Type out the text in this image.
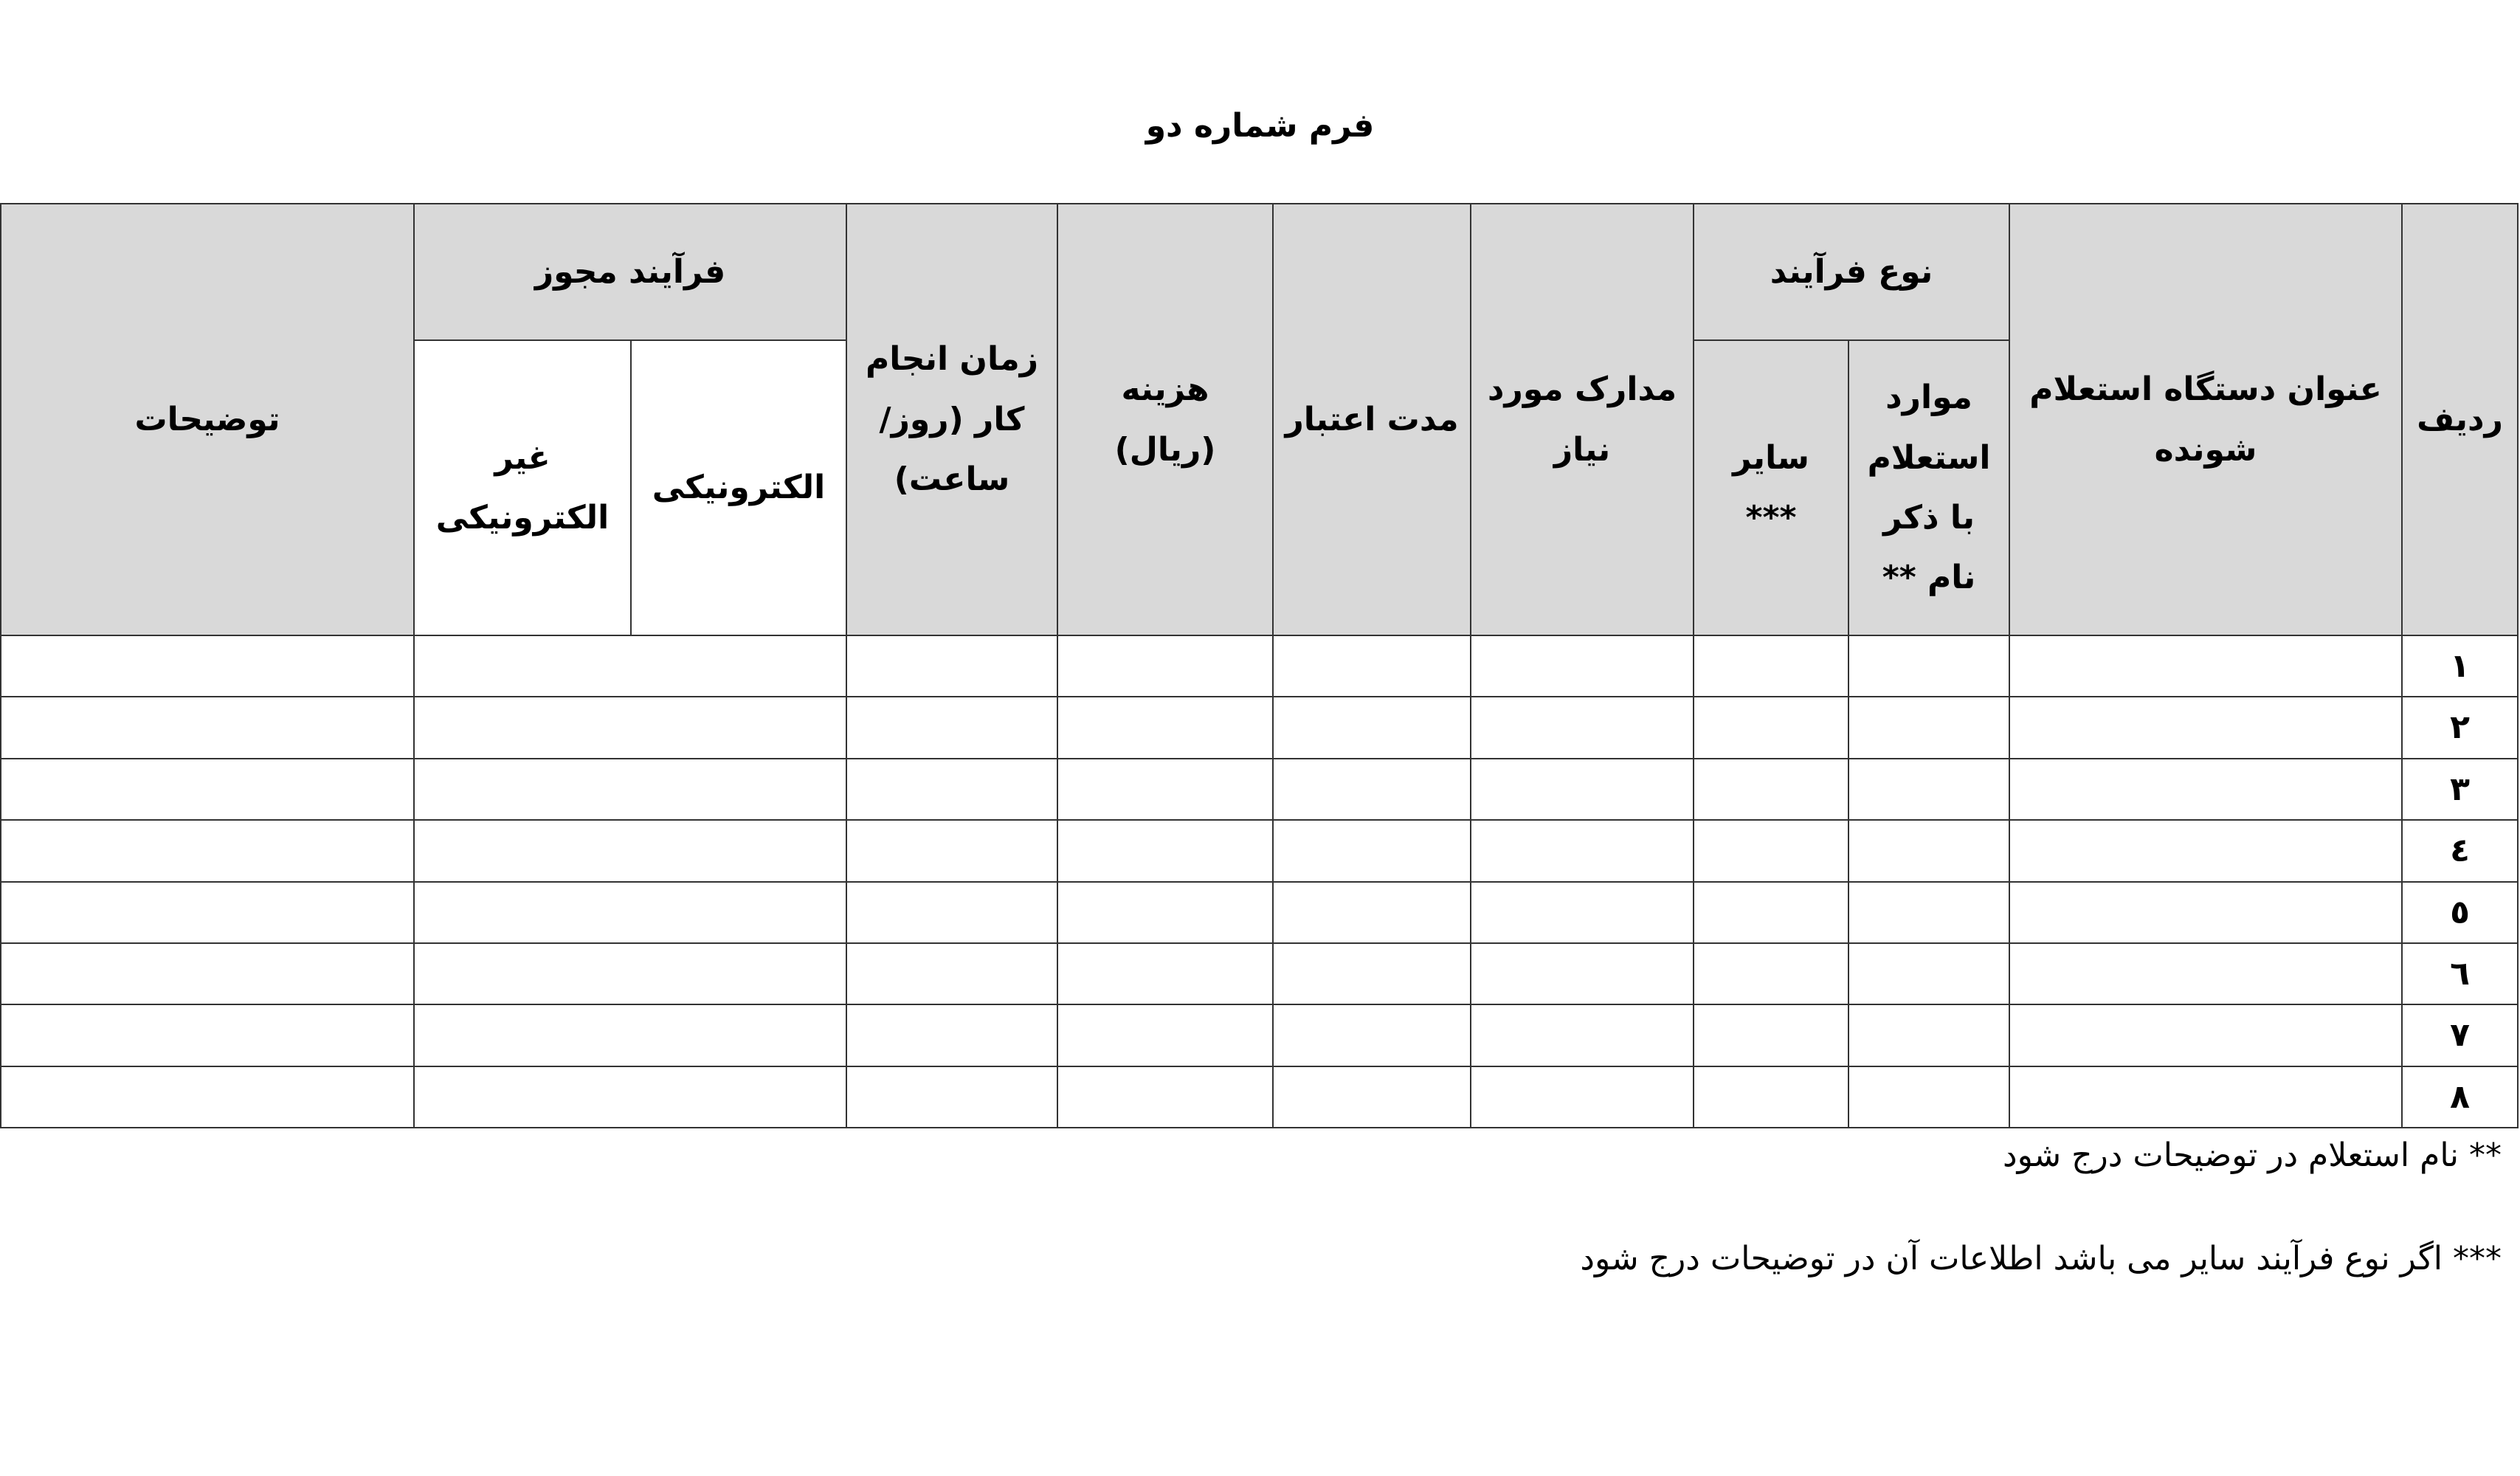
فرم شماره دو
ردیف	عنوان دستگاه استعلام شونده	نوع فرآیند		مدارک مورد نیاز	مدت اعتبار	هزینه (ریال)	زمان انجام کار (روز/ ساعت)	فرآیند مجوز		توضیحات
		موارد استعلام با ذکر نام **	سایر ***					الکترونیکی	غیر الکترونیکی	
۱										
۲										
۳										
٤										
٥										
٦										
۷										
۸										
** نام استعلام در توضیحات درج شود
*** اگر نوع فرآیند سایر می باشد اطلاعات آن در توضیحات درج شود
